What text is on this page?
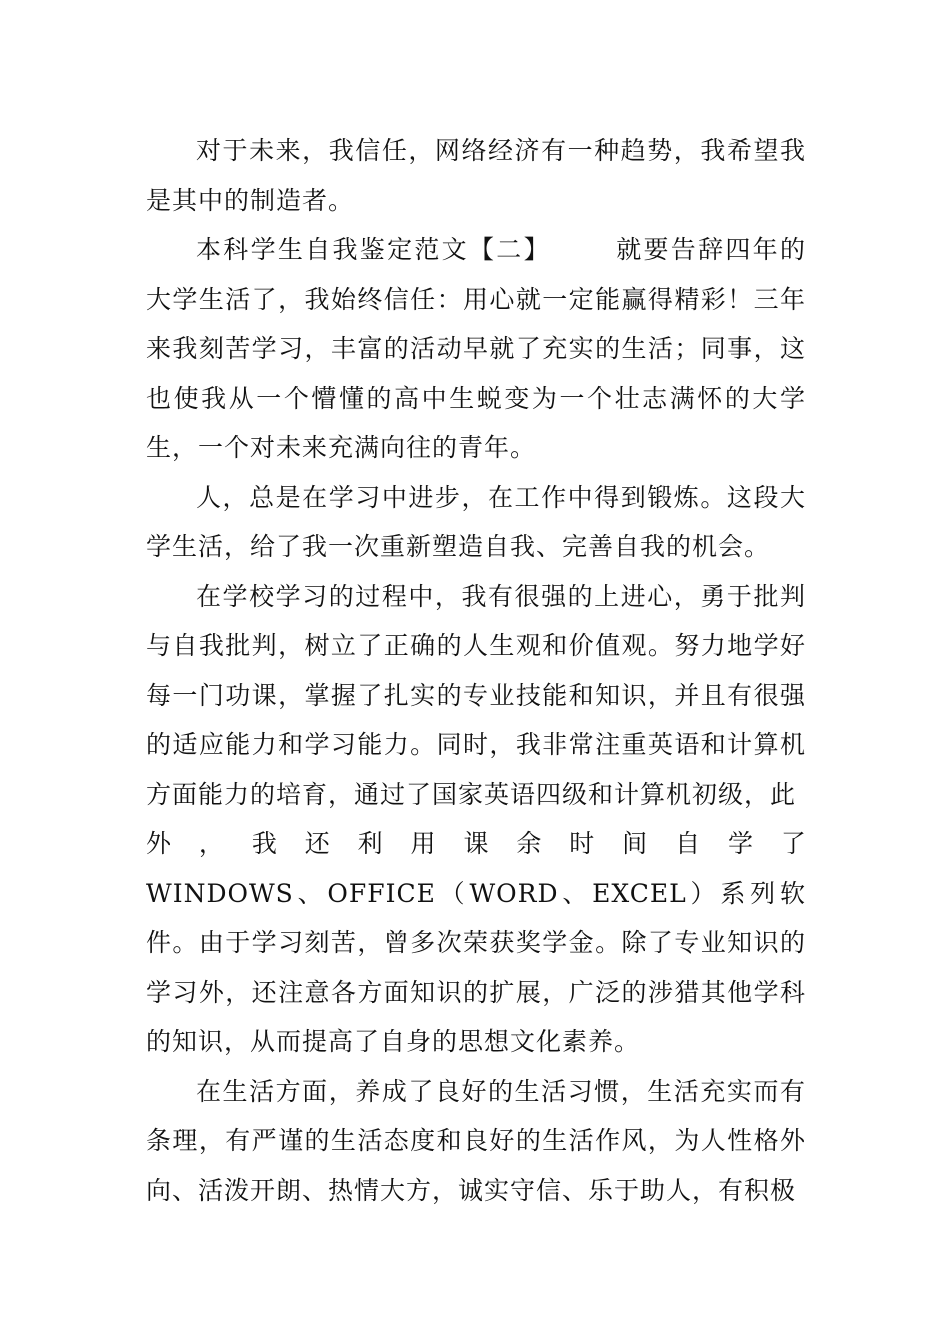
对于未来，我信任，网络经济有一种趋势，我希望我是其中的制造者。

本科学生自我鉴定范文【二】	就要告辞四年的大学生活了，我始终信任：用心就一定能赢得精彩！三年来我刻苦学习，丰富的活动早就了充实的生活；同事，这也使我从一个懵懂的高中生蜕变为一个壮志满怀的大学生，一个对未来充满向往的青年。

人，总是在学习中进步，在工作中得到锻炼。这段大学生活，给了我一次重新塑造自我、完善自我的机会。

在学校学习的过程中，我有很强的上进心，勇于批判与自我批判，树立了正确的人生观和价值观。努力地学好每一门功课，掌握了扎实的专业技能和知识，并且有很强的适应能力和学习能力。同时，我非常注重英语和计算机方面能力的培育，通过了国家英语四级和计算机初级，此

外 ， 我 还 利 用 课 余 时 间 自 学 了

WINDOWS、OFFICE（WORD、EXCEL）系列软件。由于学习刻苦，曾多次荣获奖学金。除了专业知识的学习外，还注意各方面知识的扩展，广泛的涉猎其他学科的知识，从而提高了自身的思想文化素养。

在生活方面，养成了良好的生活习惯，生活充实而有条理，有严谨的生活态度和良好的生活作风，为人性格外向、活泼开朗、热情大方，诚实守信、乐于助人，有积极
